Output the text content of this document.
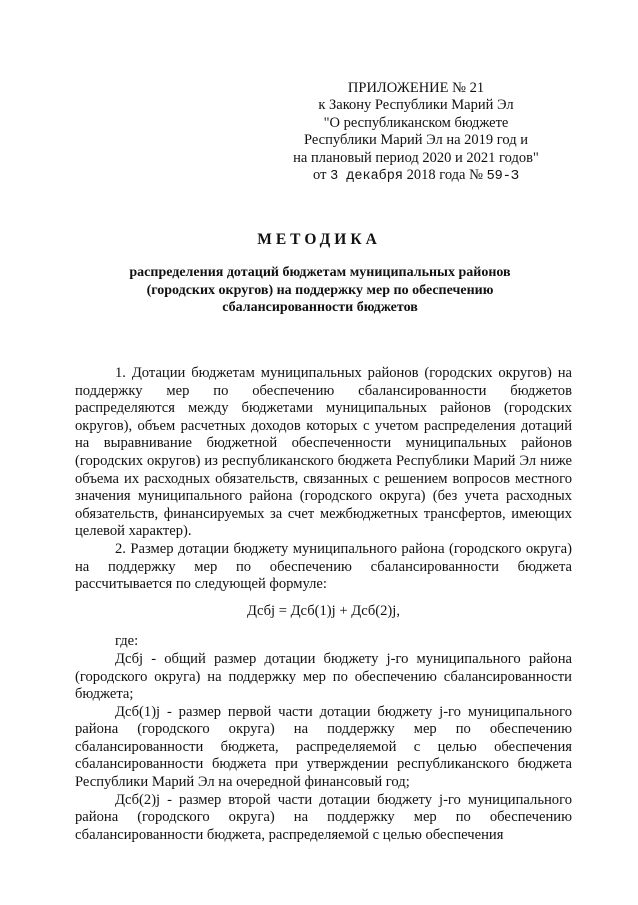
ПРИЛОЖЕНИЕ № 21
к Закону Республики Марий Эл
"О республиканском бюджете
Республики Марий Эл на 2019 год и
на плановый период 2020 и 2021 годов"
от 3 декабря 2018 года № 59-З
МЕТОДИКА
распределения дотаций бюджетам муниципальных районов
(городских округов) на поддержку мер по обеспечению
сбалансированности бюджетов

1. Дотации бюджетам муниципальных районов (городских округов) на поддержку мер по обеспечению сбалансированности бюджетов распределяются между бюджетами муниципальных районов (городских округов), объем расчетных доходов которых с учетом распределения дотаций на выравнивание бюджетной обеспеченности муниципальных районов (городских округов) из республиканского бюджета Республики Марий Эл ниже объема их расходных обязательств, связанных с решением вопросов местного значения муниципального района (городского округа) (без учета расходных обязательств, финансируемых за счет межбюджетных трансфертов, имеющих целевой характер).

2. Размер дотации бюджету муниципального района (городского округа) на поддержку мер по обеспечению сбалансированности бюджета рассчитывается по следующей формуле:

Дсбj = Дсб(1)j + Дсб(2)j,

где:

Дсбj - общий размер дотации бюджету j-го муниципального района (городского округа) на поддержку мер по обеспечению сбалансированности бюджета;

Дсб(1)j - размер первой части дотации бюджету j-го муниципального района (городского округа) на поддержку мер по обеспечению сбалансированности бюджета, распределяемой с целью обеспечения сбалансированности бюджета при утверждении республиканского бюджета Республики Марий Эл на очередной финансовый год;

Дсб(2)j - размер второй части дотации бюджету j-го муниципального района (городского округа) на поддержку мер по обеспечению сбалансированности бюджета, распределяемой с целью обеспечения
